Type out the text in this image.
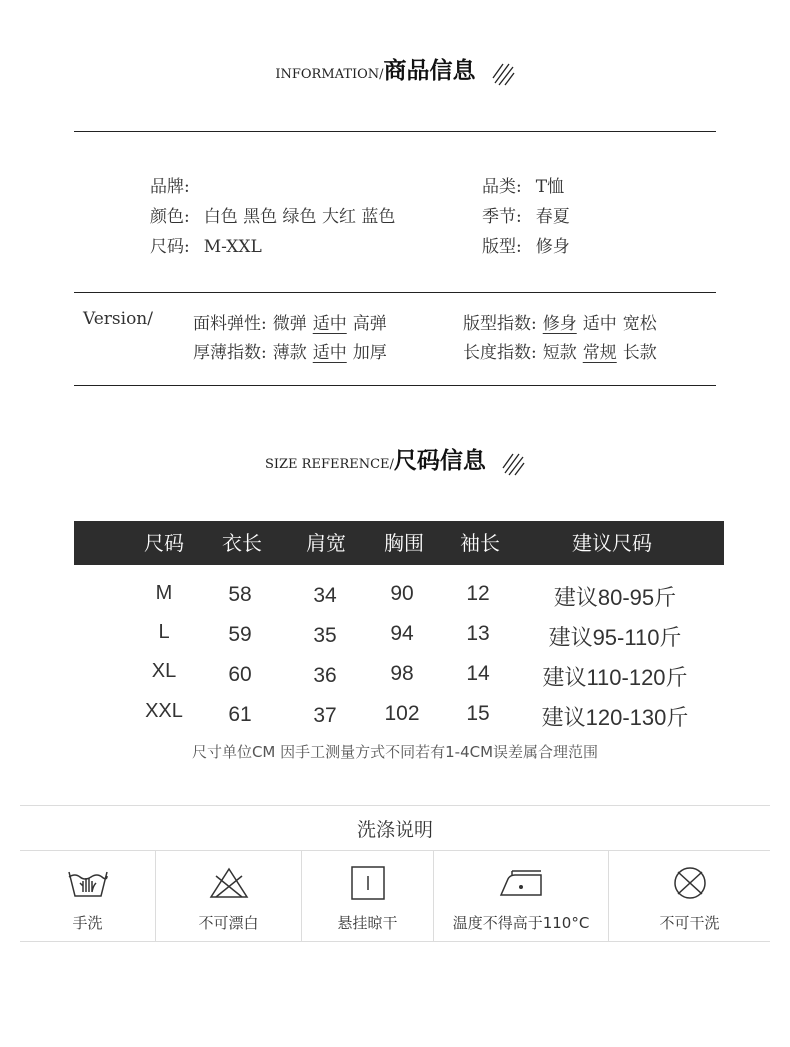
INFORMATION/商品信息
品牌:
颜色: 白色 黑色 绿色 大红 蓝色
尺码: M-XXL
品类: T恤
季节: 春夏
版型: 修身
Version/ 面料弹性: 微弹 适中 高弹
厚薄指数: 薄款 适中 加厚
版型指数: 修身 适中 宽松
长度指数: 短款 常规 长款
SIZE REFERENCE/尺码信息
尺码	衣长	肩宽	胸围	袖长	建议尺码
M	58	34	90	12	建议80-95斤
L	59	35	94	13	建议95-110斤
XL	60	36	98	14	建议110-120斤
XXL	61	37	102	15	建议120-130斤
尺寸单位CM 因手工测量方式不同若有1-4CM误差属合理范围
洗涤说明
手洗	不可漂白	悬挂晾干	温度不得高于110°C	不可干洗
